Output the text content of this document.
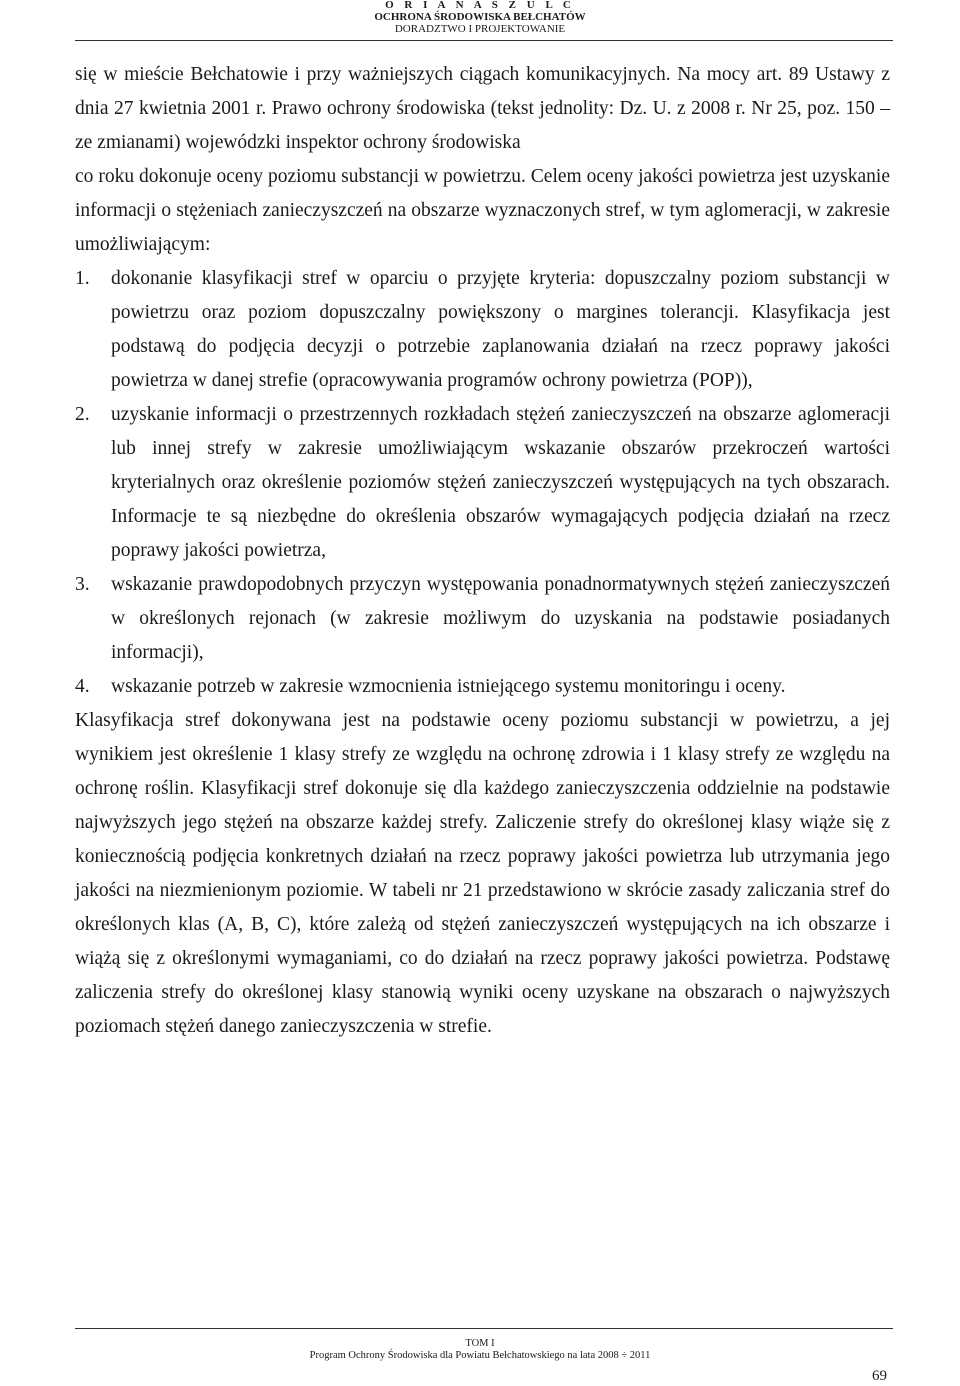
O R I A N A S Z U L C
OCHRONA ŚRODOWISKA BEŁCHATÓW
DORADZTWO I PROJEKTOWANIE

się w mieście Bełchatowie i przy ważniejszych ciągach komunikacyjnych. Na mocy art. 89 Ustawy z dnia 27 kwietnia 2001 r. Prawo ochrony środowiska (tekst jednolity: Dz. U. z 2008 r. Nr 25, poz. 150 – ze zmianami) wojewódzki inspektor ochrony środowiska

co roku dokonuje oceny poziomu substancji w powietrzu. Celem oceny jakości powietrza jest uzyskanie informacji o stężeniach zanieczyszczeń na obszarze wyznaczonych stref, w tym aglomeracji, w zakresie umożliwiającym:

1. dokonanie klasyfikacji stref w oparciu o przyjęte kryteria: dopuszczalny poziom substancji w powietrzu oraz poziom dopuszczalny powiększony o margines tolerancji. Klasyfikacja jest podstawą do podjęcia decyzji o potrzebie zaplanowania działań na rzecz poprawy jakości powietrza w danej strefie (opracowywania programów ochrony powietrza (POP)),
2. uzyskanie informacji o przestrzennych rozkładach stężeń zanieczyszczeń na obszarze aglomeracji lub innej strefy w zakresie umożliwiającym wskazanie obszarów przekroczeń wartości kryterialnych oraz określenie poziomów stężeń zanieczyszczeń występujących na tych obszarach. Informacje te są niezbędne do określenia obszarów wymagających podjęcia działań na rzecz poprawy jakości powietrza,
3. wskazanie prawdopodobnych przyczyn występowania ponadnormatywnych stężeń zanieczyszczeń w określonych rejonach (w zakresie możliwym do uzyskania na podstawie posiadanych informacji),
4. wskazanie potrzeb w zakresie wzmocnienia istniejącego systemu monitoringu i oceny.

Klasyfikacja stref dokonywana jest na podstawie oceny poziomu substancji w powietrzu, a jej wynikiem jest określenie 1 klasy strefy ze względu na ochronę zdrowia i 1 klasy strefy ze względu na ochronę roślin. Klasyfikacji stref dokonuje się dla każdego zanieczyszczenia oddzielnie na podstawie najwyższych jego stężeń na obszarze każdej strefy. Zaliczenie strefy do określonej klasy wiąże się z koniecznością podjęcia konkretnych działań na rzecz poprawy jakości powietrza lub utrzymania jego jakości na niezmienionym poziomie. W tabeli nr 21 przedstawiono w skrócie zasady zaliczania stref do określonych klas (A, B, C), które zależą od stężeń zanieczyszczeń występujących na ich obszarze i wiążą się z określonymi wymaganiami, co do działań na rzecz poprawy jakości powietrza. Podstawę zaliczenia strefy do określonej klasy stanowią wyniki oceny uzyskane na obszarach o najwyższych poziomach stężeń danego zanieczyszczenia w strefie.

TOM I
Program Ochrony Środowiska dla Powiatu Bełchatowskiego na lata 2008 ÷ 2011
69
